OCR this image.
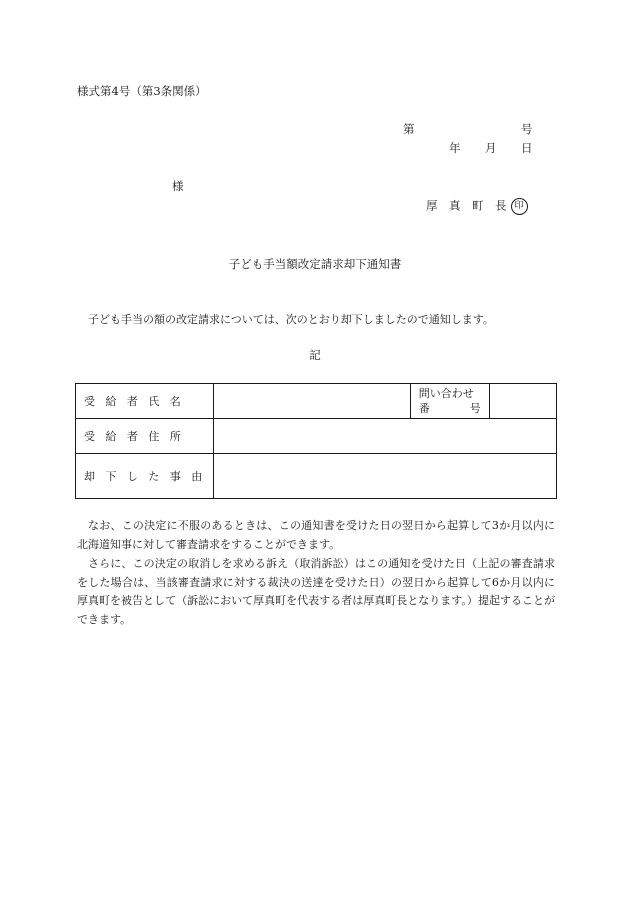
様式第4号（第3条関係）
第	号
年 月 日
様
厚　真　町　長 印
子ども手当額改定請求却下通知書
子ども手当の額の改定請求については、次のとおり却下しましたので通知します。
記
受給者氏名		問い合わせ
番 号	

受給者住所			
却下した事由			
なお、この決定に不服のあるときは、この通知書を受けた日の翌日から起算して3か月以内に北海道知事に対して審査請求をすることができます。
さらに、この決定の取消しを求める訴え（取消訴訟）はこの通知を受けた日（上記の審査請求をした場合は、当該審査請求に対する裁決の送達を受けた日）の翌日から起算して6か月以内に厚真町を被告として（訴訟において厚真町を代表する者は厚真町長となります。）提起することができます。
